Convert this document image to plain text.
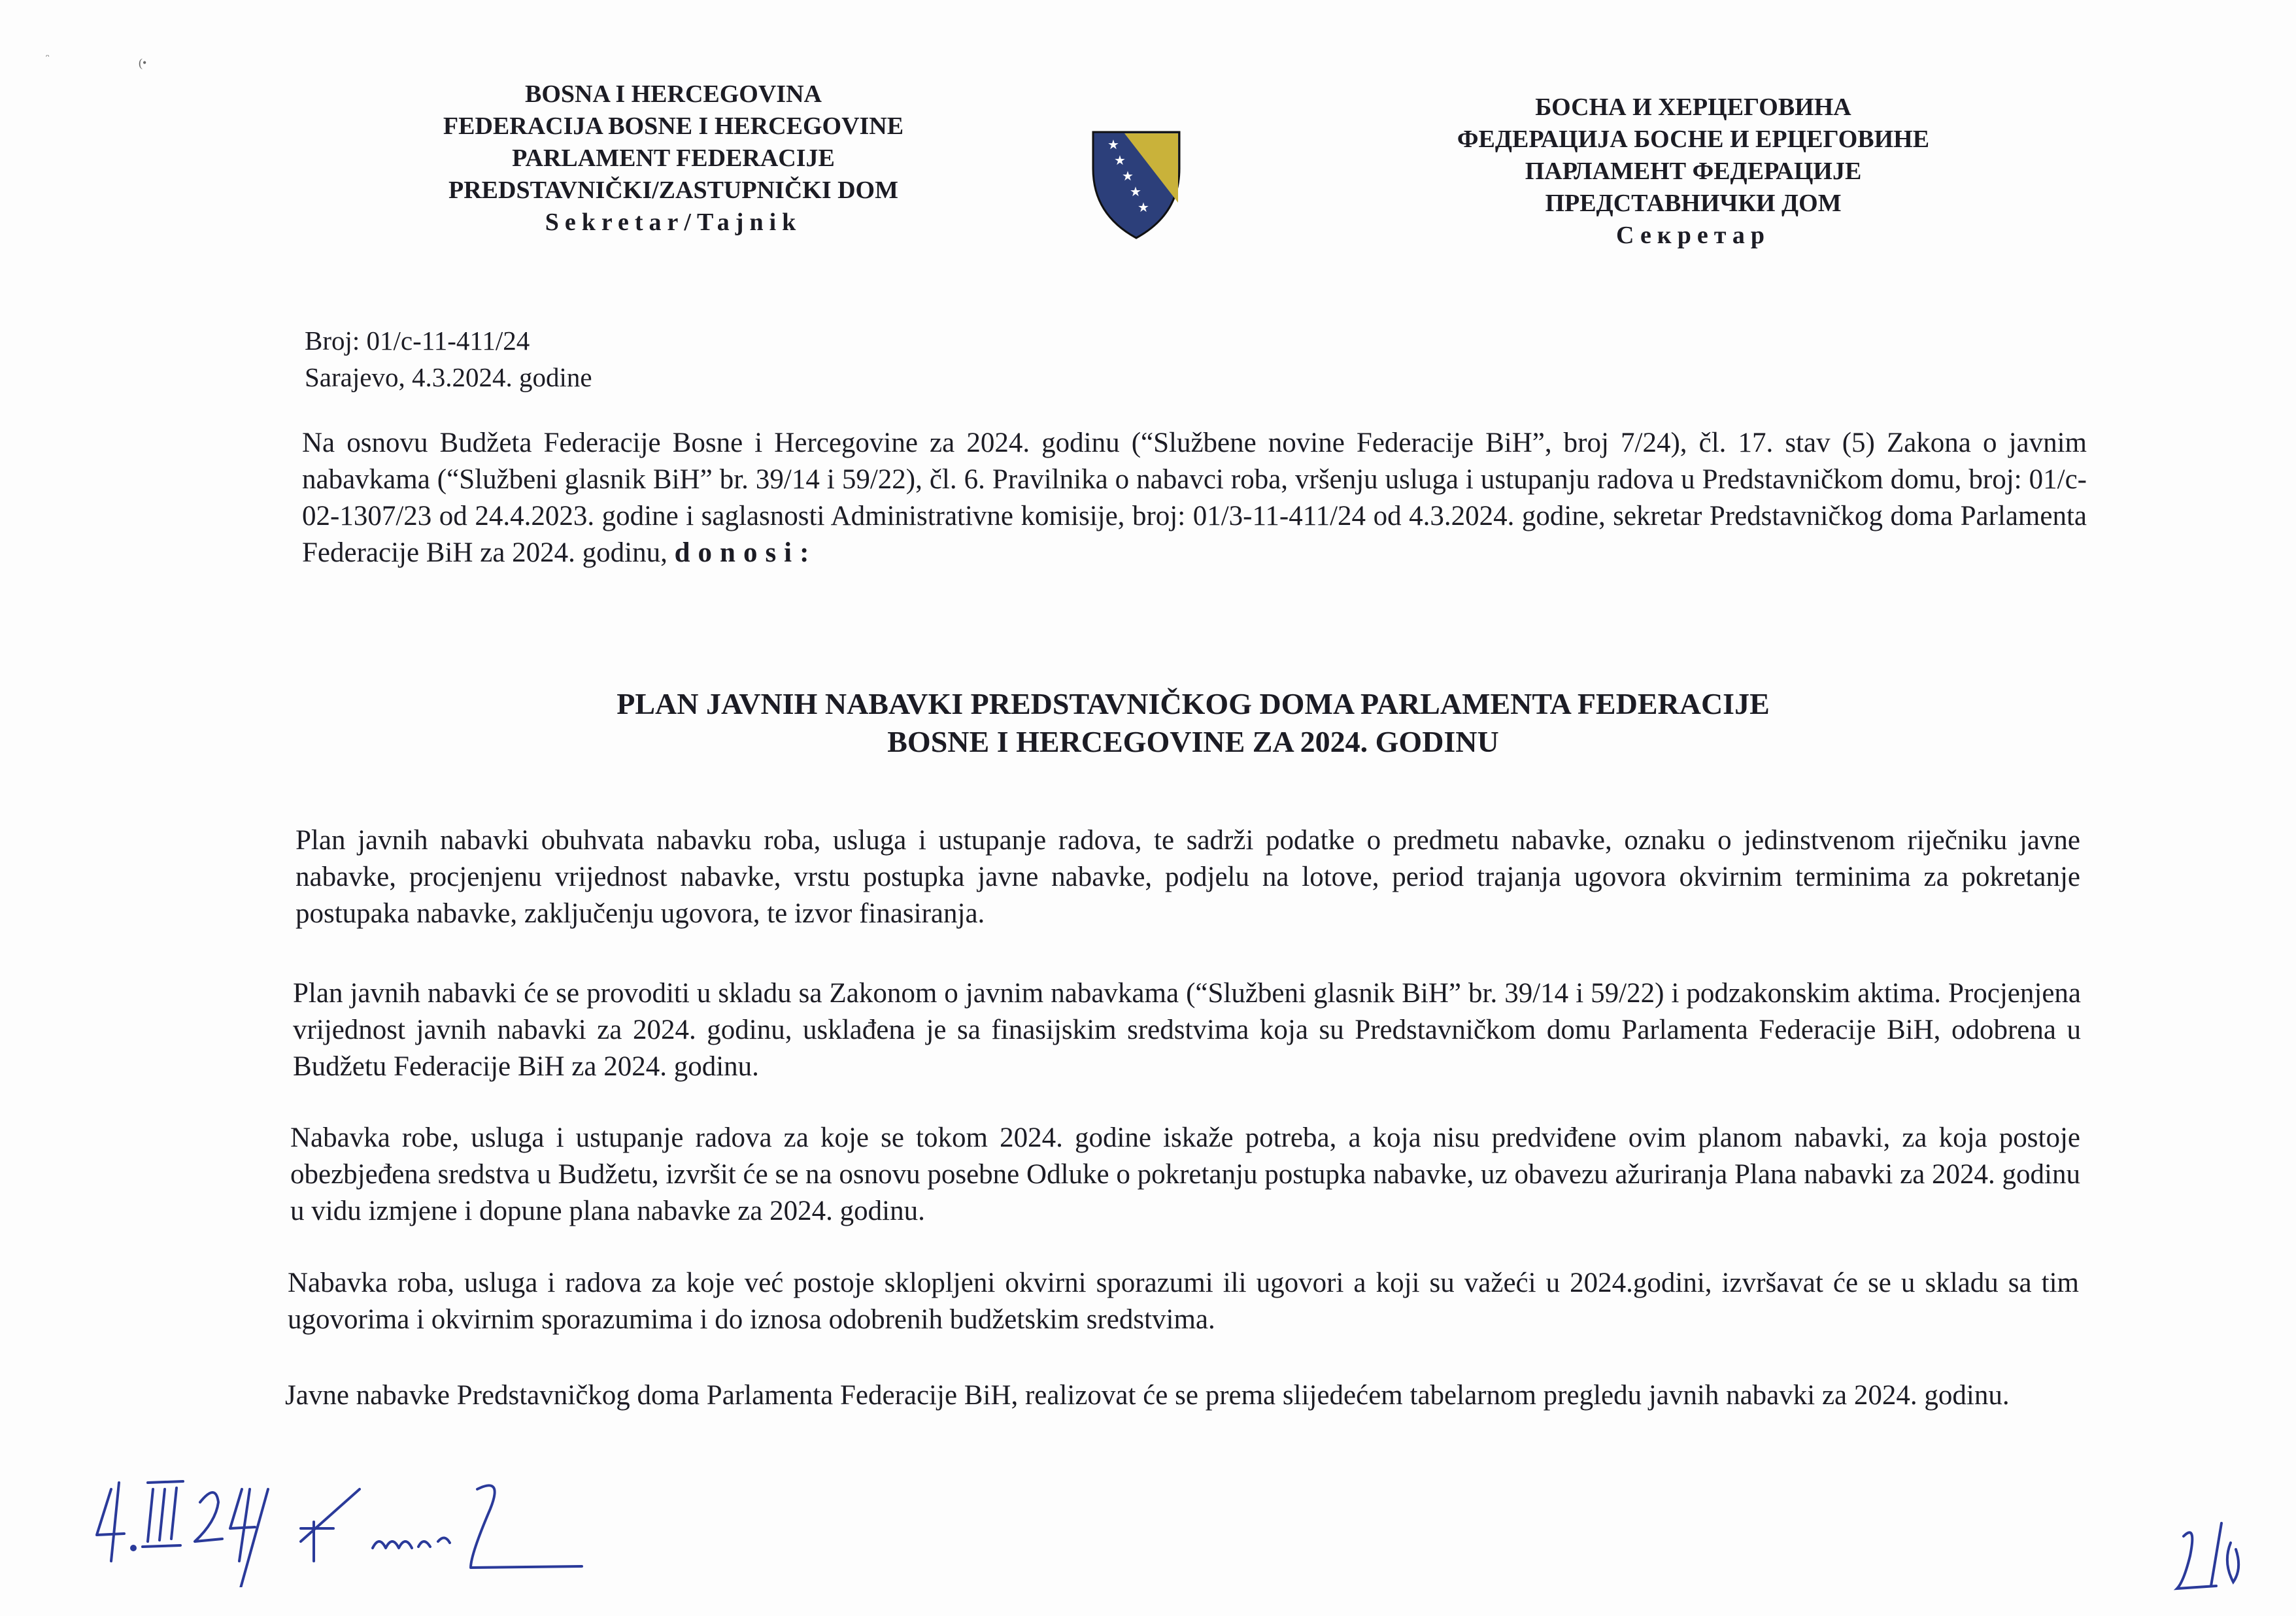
ᵔ	(•
BOSNA I HERCEGOVINA
FEDERACIJA BOSNE I HERCEGOVINE
PARLAMENT FEDERACIJE
PREDSTAVNIČKI/ZASTUPNIČKI DOM
Sekretar/Tajnik
★
★
★
★
★
БОСНА И ХЕРЦЕГОВИНА
ФЕДЕРАЦИЈА БОСНЕ И ЕРЦЕГОВИНЕ
ПАРЛАМЕНТ ФЕДЕРАЦИЈЕ
ПРЕДСТАВНИЧКИ ДОМ
Секретар
Broj: 01/c-11-411/24
Sarajevo, 4.3.2024. godine
Na osnovu Budžeta Federacije Bosne i Hercegovine za 2024. godinu (“Službene novine Federacije BiH”, broj 7/24), čl. 17. stav (5) Zakona o javnim nabavkama (“Službeni glasnik BiH” br. 39/14 i 59/22), čl. 6. Pravilnika o nabavci roba, vršenju usluga i ustupanju radova u Predstavničkom domu, broj: 01/c-02-1307/23 od 24.4.2023. godine i saglasnosti Administrativne komisije, broj: 01/3-11-411/24 od 4.3.2024. godine, sekretar Predstavničkog doma Parlamenta Federacije BiH za 2024. godinu, donosi:
PLAN JAVNIH NABAVKI PREDSTAVNIČKOG DOMA PARLAMENTA FEDERACIJE
BOSNE I HERCEGOVINE ZA 2024. GODINU
Plan javnih nabavki obuhvata nabavku roba, usluga i ustupanje radova, te sadrži podatke o predmetu nabavke, oznaku o jedinstvenom riječniku javne nabavke, procjenjenu vrijednost nabavke, vrstu postupka javne nabavke, podjelu na lotove, period trajanja ugovora okvirnim terminima za pokretanje postupaka nabavke, zaključenju ugovora, te izvor finasiranja.
Plan javnih nabavki će se provoditi u skladu sa Zakonom o javnim nabavkama (“Službeni glasnik BiH” br. 39/14 i 59/22) i podzakonskim aktima. Procjenjena vrijednost javnih nabavki za 2024. godinu, usklađena je sa finasijskim sredstvima koja su Predstavničkom domu Parlamenta Federacije BiH, odobrena u Budžetu Federacije BiH za 2024. godinu.
Nabavka robe, usluga i ustupanje radova za koje se tokom 2024. godine iskaže potreba, a koja nisu predviđene ovim planom nabavki, za koja postoje obezbjeđena sredstva u Budžetu, izvršit će se na osnovu posebne Odluke o pokretanju postupka nabavke, uz obavezu ažuriranja Plana nabavki za 2024. godinu u vidu izmjene i dopune plana nabavke za 2024. godinu.
Nabavka roba, usluga i radova za koje već postoje sklopljeni okvirni sporazumi ili ugovori a koji su važeći u 2024.godini, izvršavat će se u skladu sa tim ugovorima i okvirnim sporazumima i do iznosa odobrenih budžetskim sredstvima.
Javne nabavke Predstavničkog doma Parlamenta Federacije BiH, realizovat će se prema slijedećem tabelarnom pregledu javnih nabavki za 2024. godinu.
